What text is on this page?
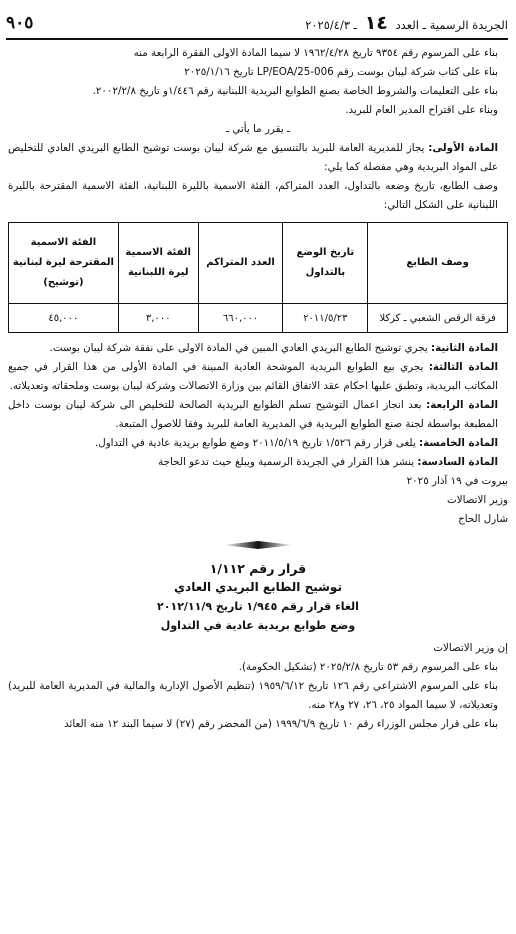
الجريدة الرسمية ـ العدد ١٤ ـ ٢٠٢٥/٤/٣
٩٠٥

بناء على المرسوم رقم ٩٣٥٤ تاريخ ١٩٦٢/٤/٢٨ لا سيما المادة الاولى الفقرة الرابعة منه

بناء على كتاب شركة ليبان بوست رقم LP/EOA/25-006 تاريخ ٢٠٢٥/١/١٦

بناء على التعليمات والشروط الخاصة بصنع الطوابع البريدية اللبنانية رقم ١/٤٤٦و تاريخ ٢٠٠٢/٢/٨.

وبناء على اقتراح المدير العام للبريد.

ـ يقرر ما يأتي ـ

المادة الأولى: يجاز للمديرية العامة للبريد بالتنسيق مع شركة ليبان بوست توشيح الطابع البريدي العادي للتخليص على المواد البريدية وهي مفصلة كما يلي:

وصف الطابع، تاريخ وضعه بالتداول، العدد المتراكم، الفئة الاسمية بالليرة اللبنانية، الفئة الاسمية المقترحة بالليرة اللبنانية على الشكل التالي:

وصف الطابع	تاريخ الوضع بالتداول	العدد المتراكم	الفئة الاسمية ليرة اللبنانية	الفئة الاسمية المقترحة ليرة لبنانية (توشيح)
فرقة الرقص الشعبي ـ كركلا	٢٠١١/٥/٢٣	٦٦٠,٠٠٠	٣,٠٠٠	٤٥,٠٠٠

المادة الثانية: يجري توشيح الطابع البريدي العادي المبين في المادة الاولى على نفقة شركة ليبان بوست.

المادة الثالثة: يجري بيع الطوابع البريدية الموشحة العادية المبينة في المادة الأولى من هذا القرار في جميع المكاتب البريدية، وتطبق عليها احكام عقد الاتفاق القائم بين وزارة الاتصالات وشركة ليبان بوست وملحقاته وتعديلاته.

المادة الرابعة: بعد انجاز اعمال التوشيح تسلم الطوابع البريدية الصالحة للتخليص الى شركة ليبان بوست داخل المطبعة بواسطة لجنة صنع الطوابع البريدية في المديرية العامة للبريد وفقا للاصول المتبعة.

المادة الخامسة: يلغى قرار رقم ١/٥٢٦ تاريخ ٢٠١١/٥/١٩ وضع طوابع بريدية عادية في التداول.

المادة السادسة: ينشر هذا القرار في الجريدة الرسمية ويبلغ حيث تدعو الحاجة

بيروت في ١٩ آذار ٢٠٢٥

وزير الاتصالات

شارل الحاج

قرار رقم ١/١١٢
توشيح الطابع البريدي العادي
الغاء قرار رقم ١/٩٤٥ تاريخ ٢٠١٢/١١/٩
وضع طوابع بريدية عادية في التداول

إن وزير الاتصالات

بناء على المرسوم رقم ٥٣ تاريخ ٢٠٢٥/٢/٨ (تشكيل الحكومة).

بناء على المرسوم الاشتراعي رقم ١٢٦ تاريخ ١٩٥٩/٦/١٢ (تنظيم الأصول الإدارية والمالية في المديرية العامة للبريد) وتعديلاته، لا سيما المواد ٢٥، ٢٦، ٢٧ و٢٨ منه.

بناء على قرار مجلس الوزراء رقم ١٠ تاريخ ١٩٩٩/٦/٩ (من المحضر رقم (٢٧) لا سيما البند ١٢ منه العائد
